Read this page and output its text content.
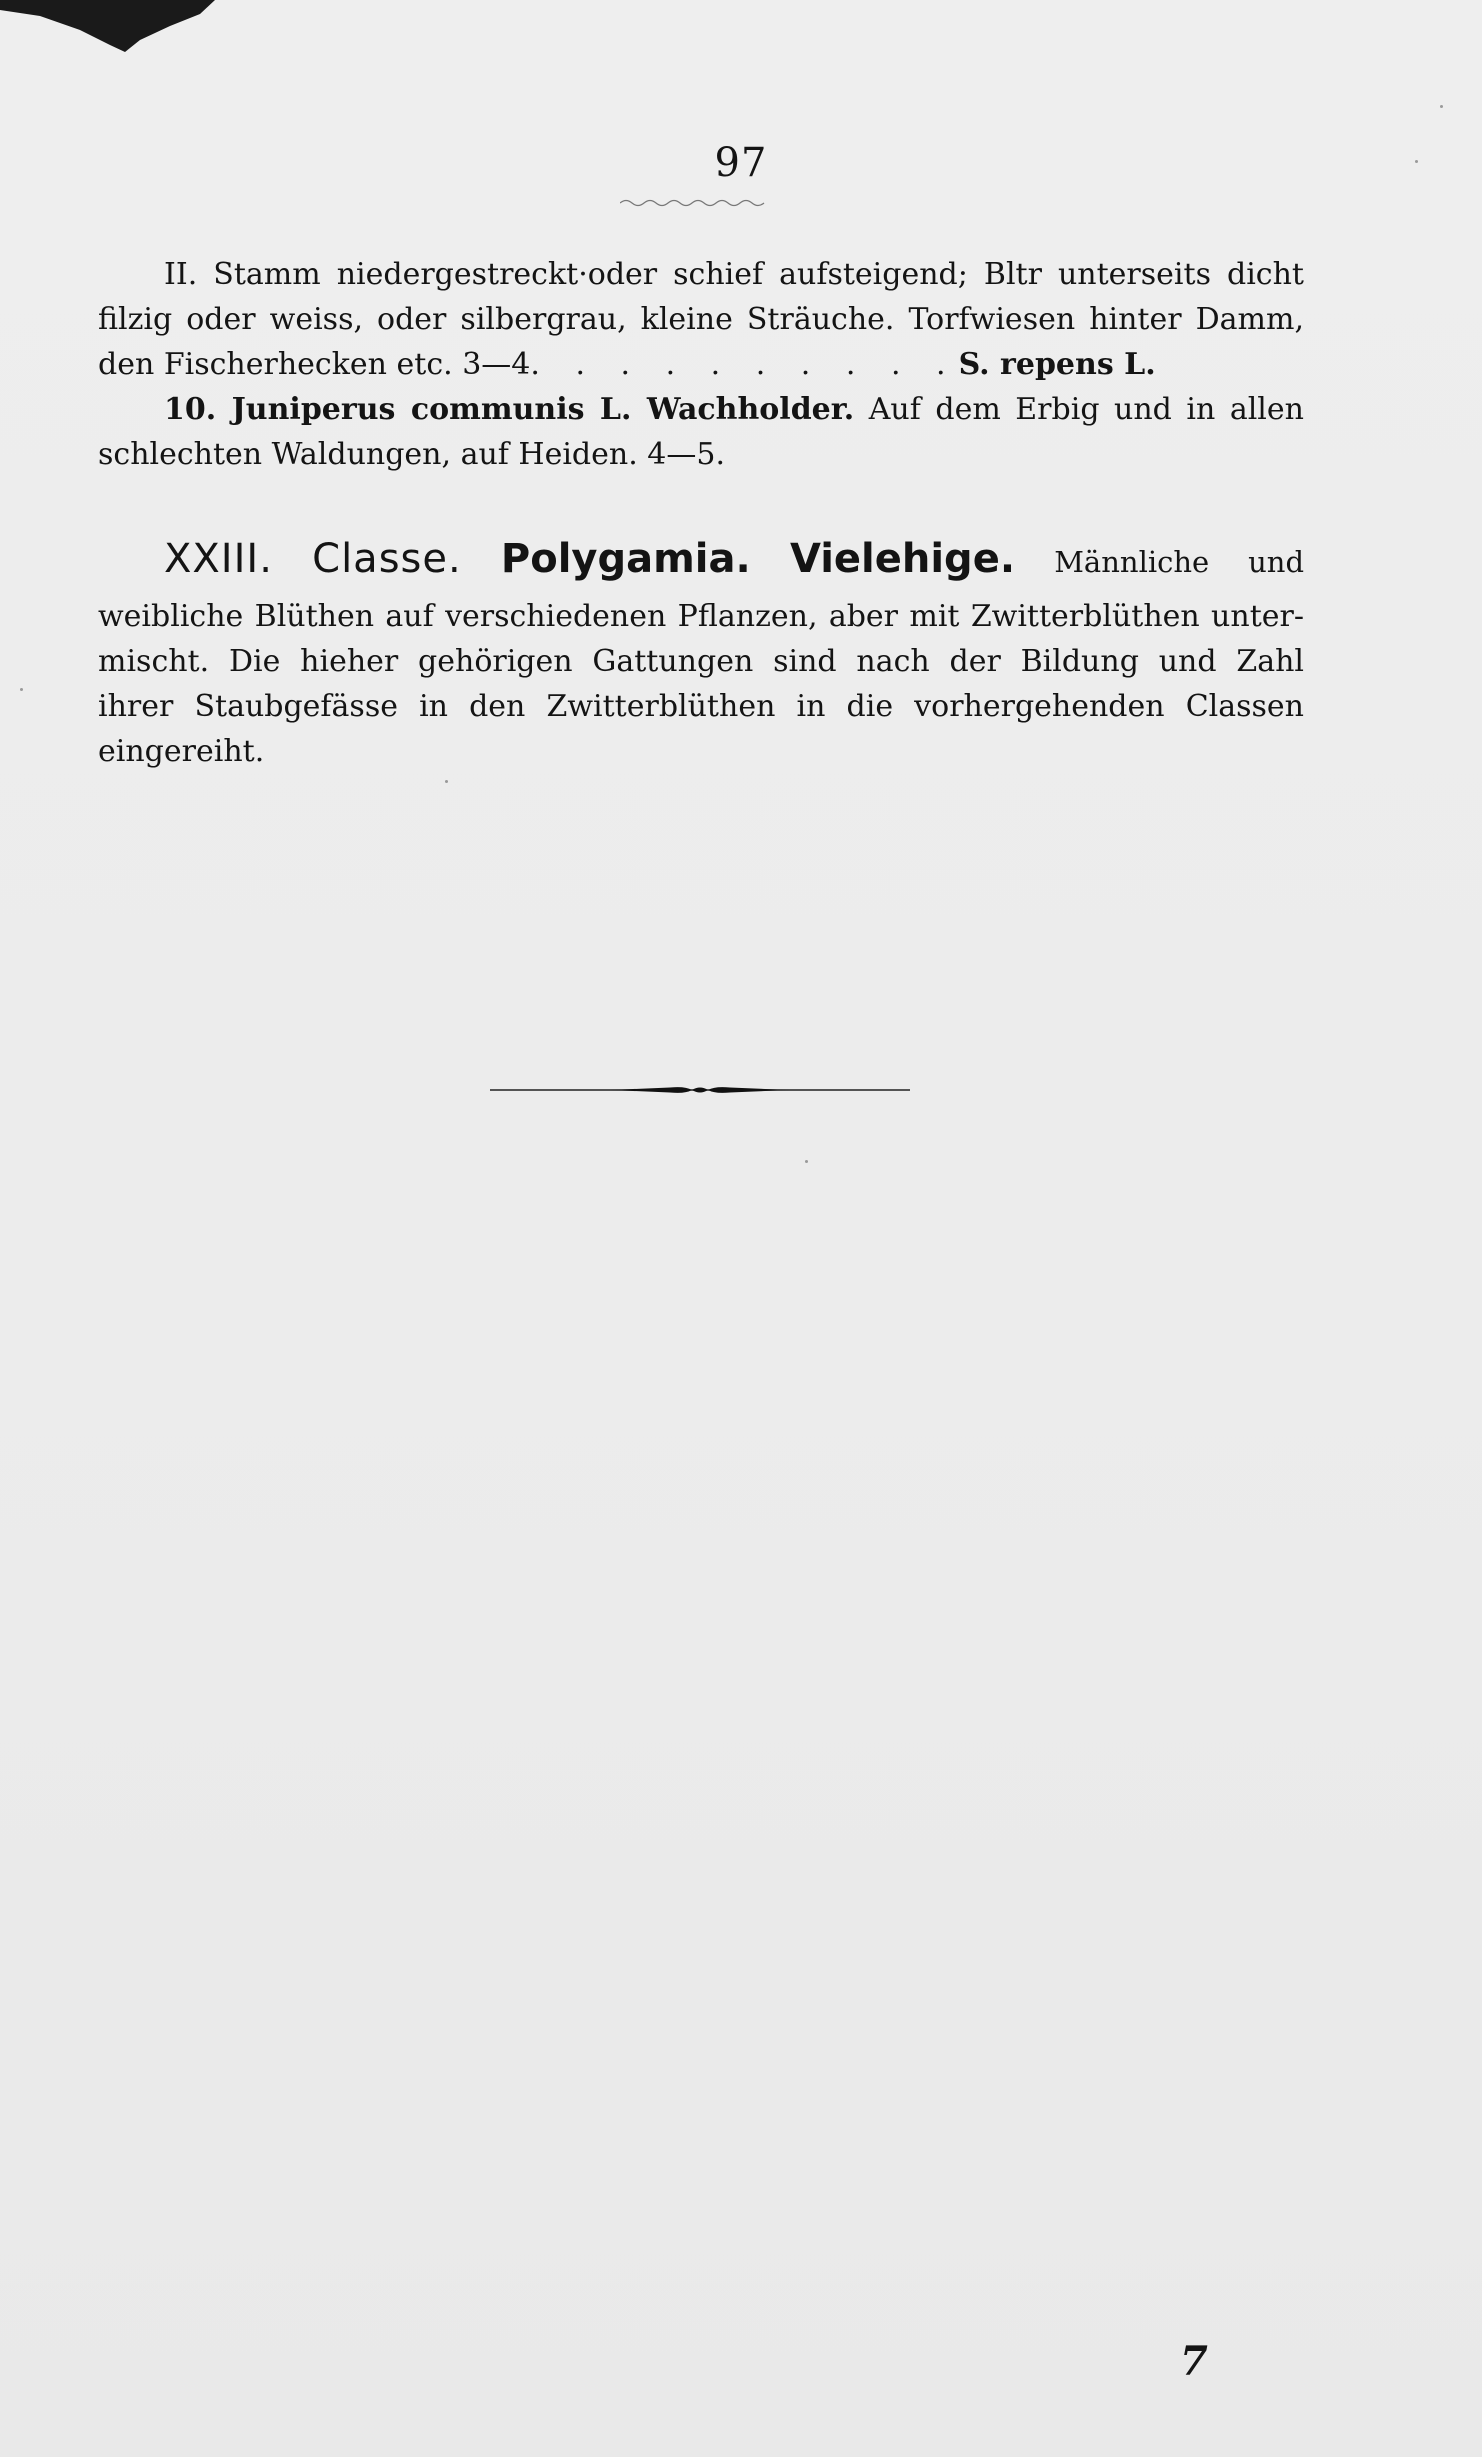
97
II. Stamm niedergestreckt·oder schief aufsteigend; Bltr unterseits dicht
filzig oder weiss, oder silbergrau, kleine Sträuche. Torfwiesen hinter Damm,
den Fischerhecken etc. 3—4. . . . . . . . . .S. repens L.
10. Juniperus communis L. Wachholder. Auf dem Erbig und in allen
schlechten Waldungen, auf Heiden. 4—5.
XXIII. Classe. Polygamia. Vielehige. Männliche und
weibliche Blüthen auf verschiedenen Pflanzen, aber mit Zwitterblüthen unter-
mischt. Die hieher gehörigen Gattungen sind nach der Bildung und Zahl
ihrer Staubgefässe in den Zwitterblüthen in die vorhergehenden Classen
eingereiht.
7
